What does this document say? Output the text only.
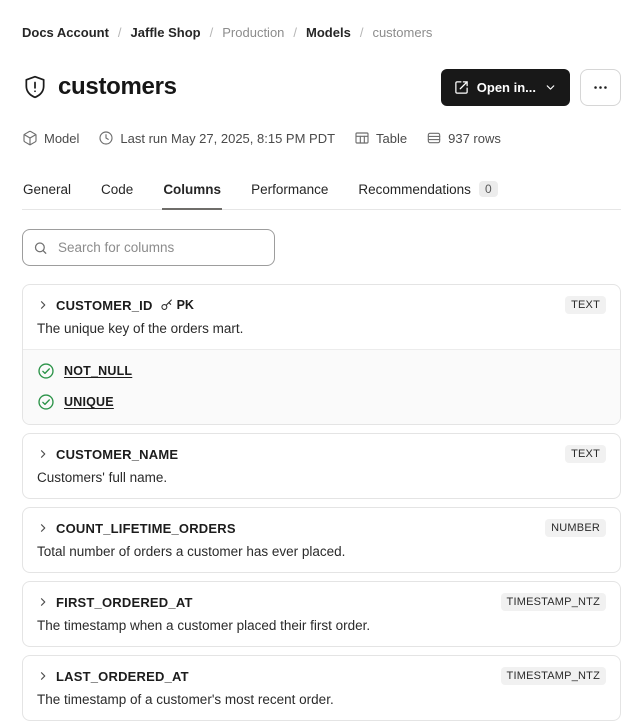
Docs Account / Jaffle Shop / Production / Models / customers
customers	Open in...
Model	Last run May 27, 2025, 8:15 PM PDT	Table	937 rows
General Code Columns Performance Recommendations	0
Search for columns
CUSTOMER_ID PK	TEXT

The unique key of the orders mart.

NOT_NULL
UNIQUE
CUSTOMER_NAME	TEXT

Customers' full name.

COUNT_LIFETIME_ORDERS	NUMBER

Total number of orders a customer has ever placed.

FIRST_ORDERED_AT	TIMESTAMP_NTZ

The timestamp when a customer placed their first order.

LAST_ORDERED_AT	TIMESTAMP_NTZ

The timestamp of a customer's most recent order.
